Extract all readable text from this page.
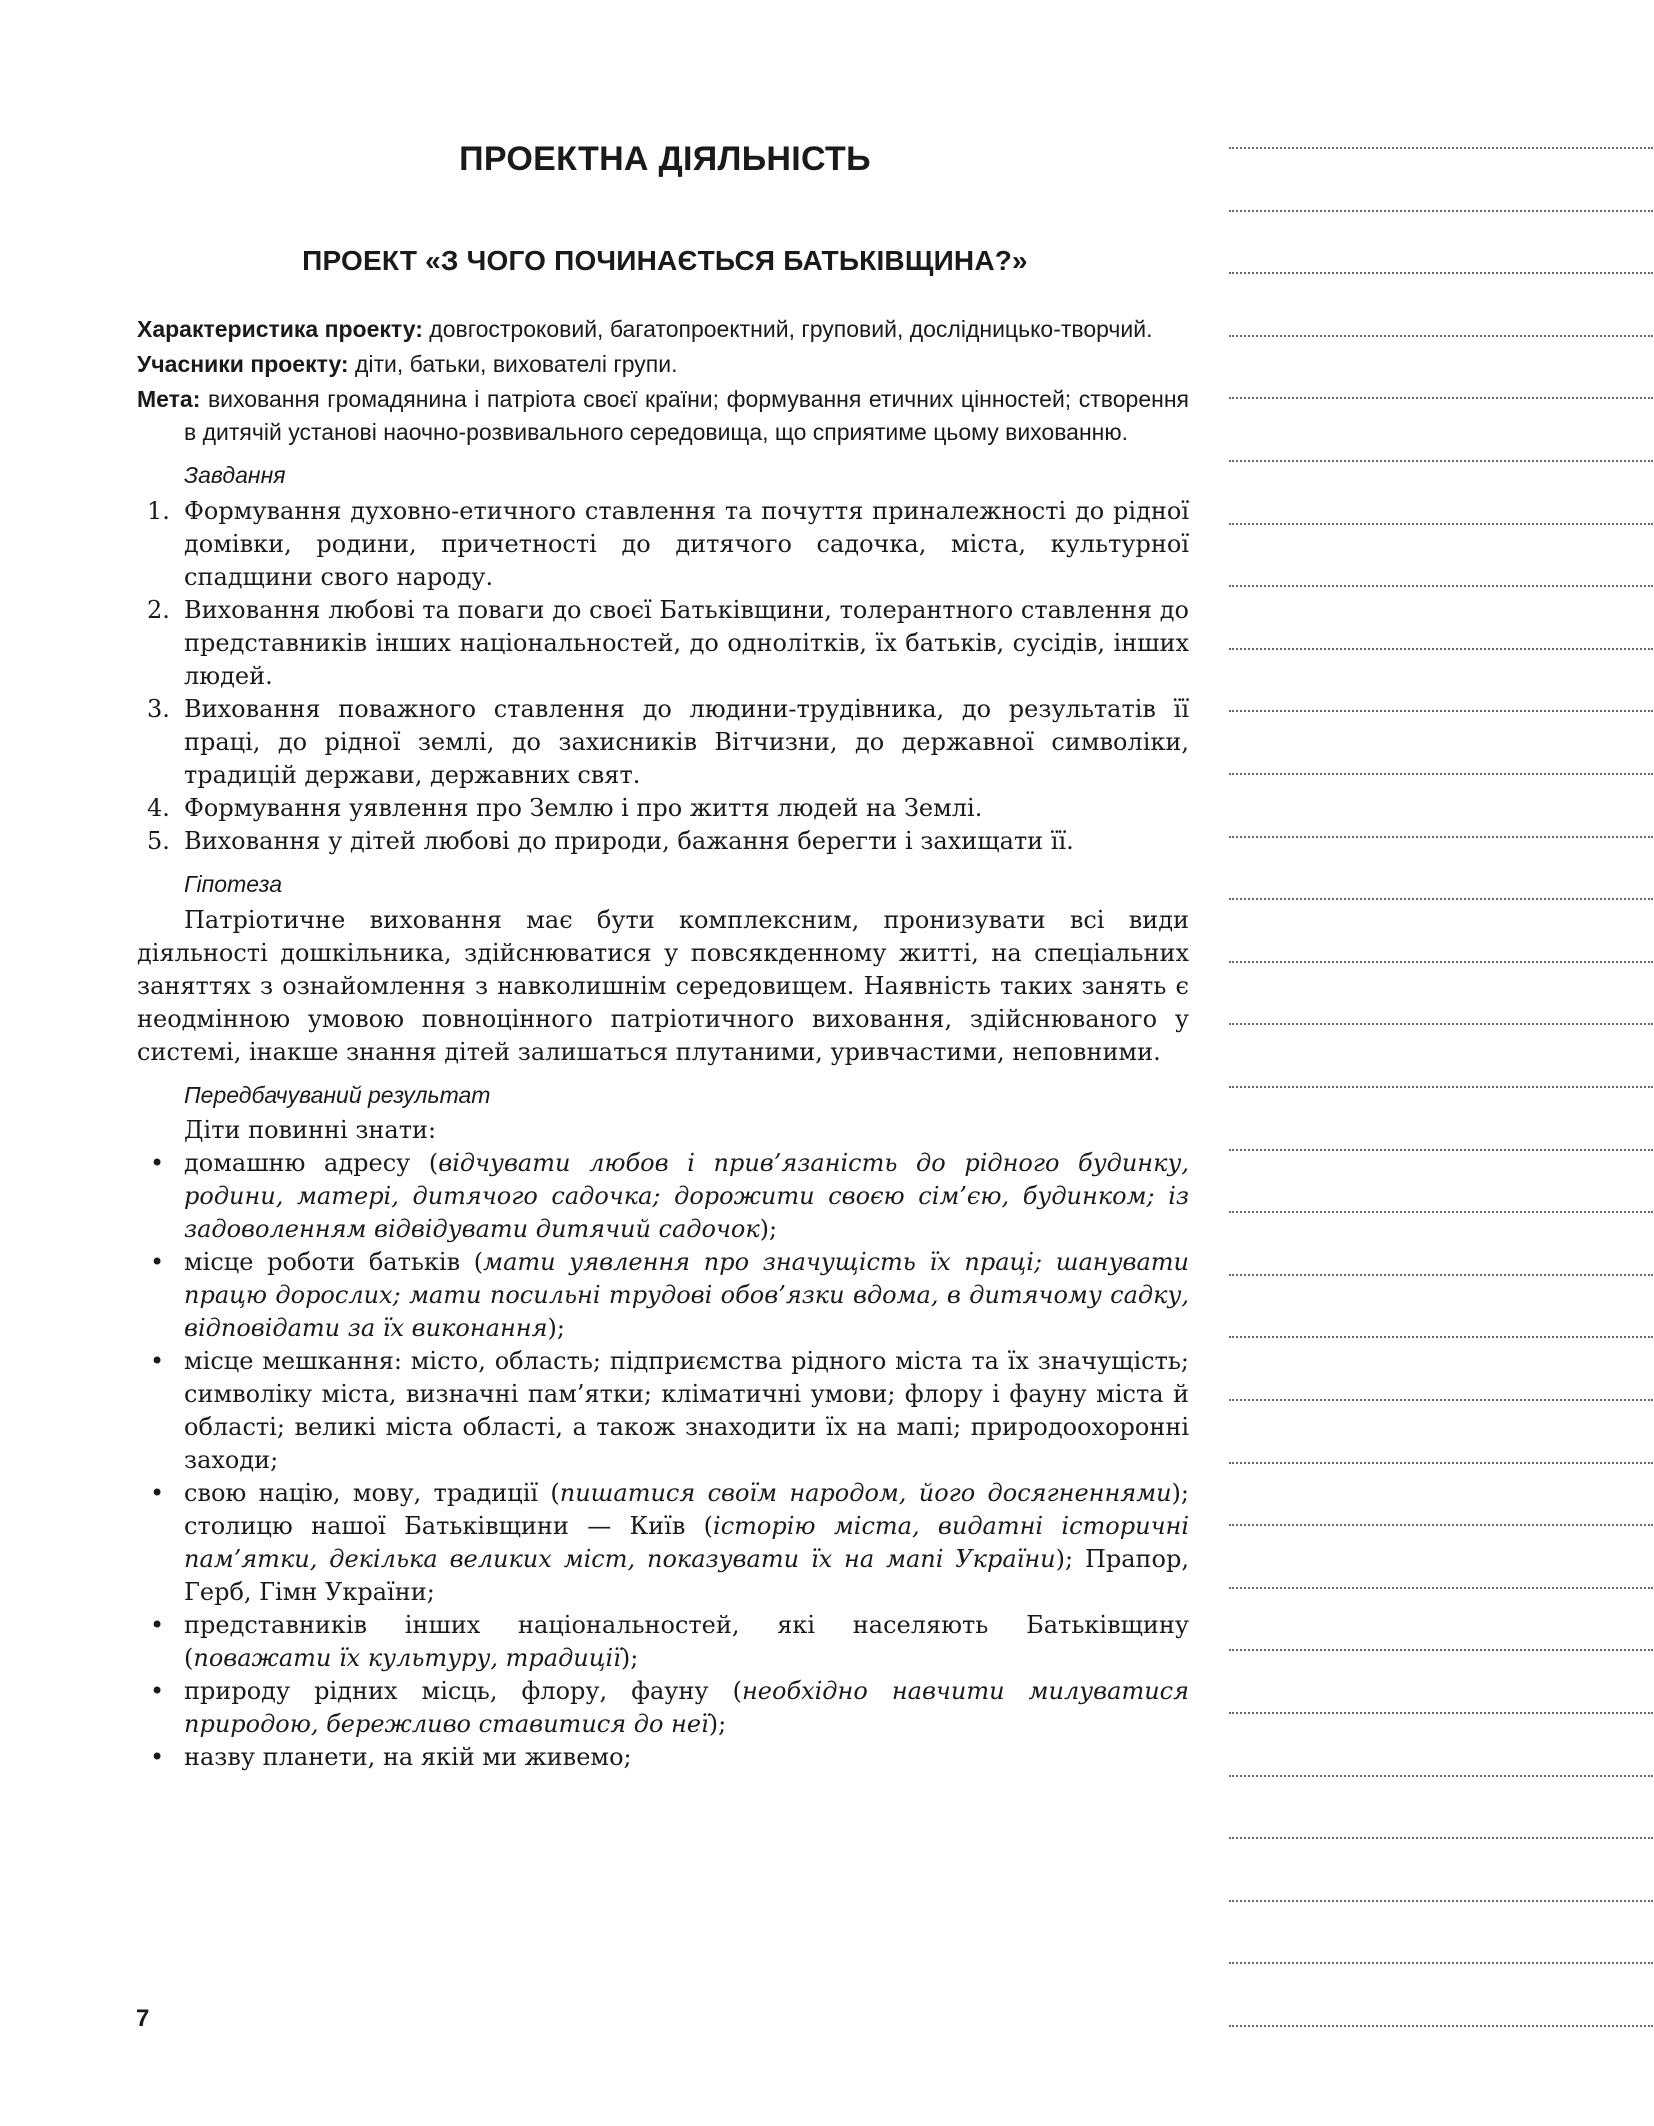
ПРОЕКТНА ДІЯЛЬНІСТЬ
ПРОЕКТ «З ЧОГО ПОЧИНАЄТЬСЯ БАТЬКІВЩИНА?»

Характеристика проекту: довгостроковий, багатопроектний, груповий, дослідницько-творчий.

Учасники проекту: діти, батьки, вихователі групи.

Мета: виховання громадянина і патріота своєї країни; формування етичних цінностей; створення в дитячій установі наочно-розвивального середовища, що сприятиме цьому вихованню.

Завдання
1. Формування духовно-етичного ставлення та почуття приналежності до рідної домівки, родини, причетності до дитячого садочка, міста, культурної спадщини свого народу.
2. Виховання любові та поваги до своєї Батьківщини, толерантного ставлення до представників інших національностей, до однолітків, їх батьків, сусідів, інших людей.
3. Виховання поважного ставлення до людини-трудівника, до результатів її праці, до рідної землі, до захисників Вітчизни, до державної символіки, традицій держави, державних свят.
4. Формування уявлення про Землю і про життя людей на Землі.
5. Виховання у дітей любові до природи, бажання берегти і захищати її.
Гіпотеза

Патріотичне виховання має бути комплексним, пронизувати всі види діяльності дошкільника, здійснюватися у повсякденному житті, на спеціальних заняттях з ознайомлення з навколишнім середовищем. Наявність таких занять є неодмінною умовою повноцінного патріотичного виховання, здійснюваного у системі, інакше знання дітей залишаться плутаними, уривчастими, неповними.

Передбачуваний результат

Діти повинні знати:

• домашню адресу (відчувати любов і прив’язаність до рідного будинку, родини, матері, дитячого садочка; дорожити своєю сім’єю, будинком; із задоволенням відвідувати дитячий садочок);
• місце роботи батьків (мати уявлення про значущість їх праці; шанувати працю дорослих; мати посильні трудові обов’язки вдома, в дитячому садку, відповідати за їх виконання);
• місце мешкання: місто, область; підприємства рідного міста та їх значущість; символіку міста, визначні пам’ятки; кліматичні умови; флору і фауну міста й області; великі міста області, а також знаходити їх на мапі; природоохоронні заходи;
• свою націю, мову, традиції (пишатися своїм народом, його досягненнями); столицю нашої Батьківщини — Київ (історію міста, видатні історичні пам’ятки, декілька великих міст, показувати їх на мапі України); Прапор, Герб, Гімн України;
• представників інших національностей, які населяють Батьківщину (поважати їх культуру, традиції);
• природу рідних місць, флору, фауну (необхідно навчити милуватися природою, бережливо ставитися до неї);
• назву планети, на якій ми живемо;
7
